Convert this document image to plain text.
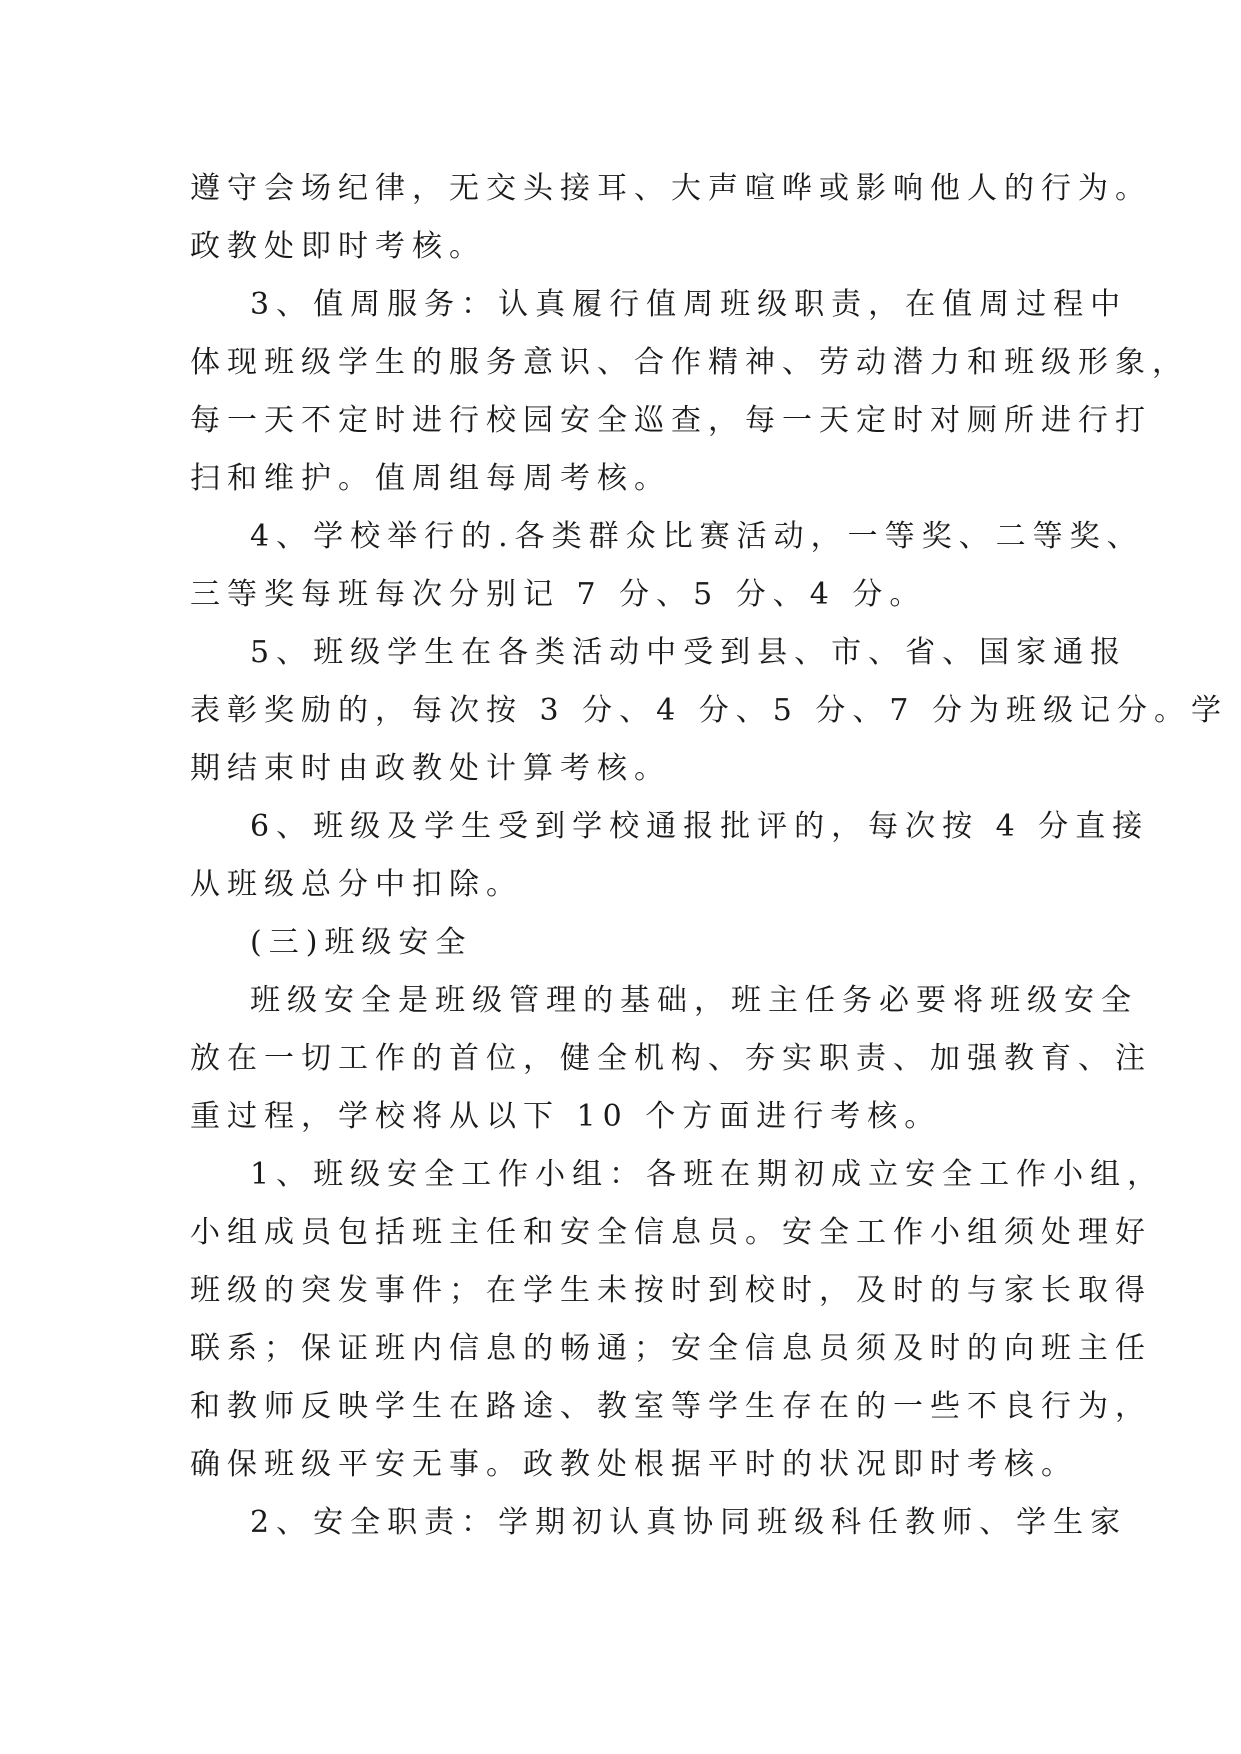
遵守会场纪律，无交头接耳、大声喧哗或影响他人的行为。
政教处即时考核。
3、值周服务：认真履行值周班级职责，在值周过程中
体现班级学生的服务意识、合作精神、劳动潜力和班级形象，
每一天不定时进行校园安全巡查，每一天定时对厕所进行打
扫和维护。值周组每周考核。
4、学校举行的.各类群众比赛活动，一等奖、二等奖、
三等奖每班每次分别记 7 分、5 分、4 分。
5、班级学生在各类活动中受到县、市、省、国家通报
表彰奖励的，每次按 3 分、4 分、5 分、7 分为班级记分。学
期结束时由政教处计算考核。
6、班级及学生受到学校通报批评的，每次按 4 分直接
从班级总分中扣除。
(三)班级安全
班级安全是班级管理的基础，班主任务必要将班级安全
放在一切工作的首位，健全机构、夯实职责、加强教育、注
重过程，学校将从以下 10 个方面进行考核。
1、班级安全工作小组：各班在期初成立安全工作小组，
小组成员包括班主任和安全信息员。安全工作小组须处理好
班级的突发事件；在学生未按时到校时，及时的与家长取得
联系；保证班内信息的畅通；安全信息员须及时的向班主任
和教师反映学生在路途、教室等学生存在的一些不良行为，
确保班级平安无事。政教处根据平时的状况即时考核。
2、安全职责：学期初认真协同班级科任教师、学生家
